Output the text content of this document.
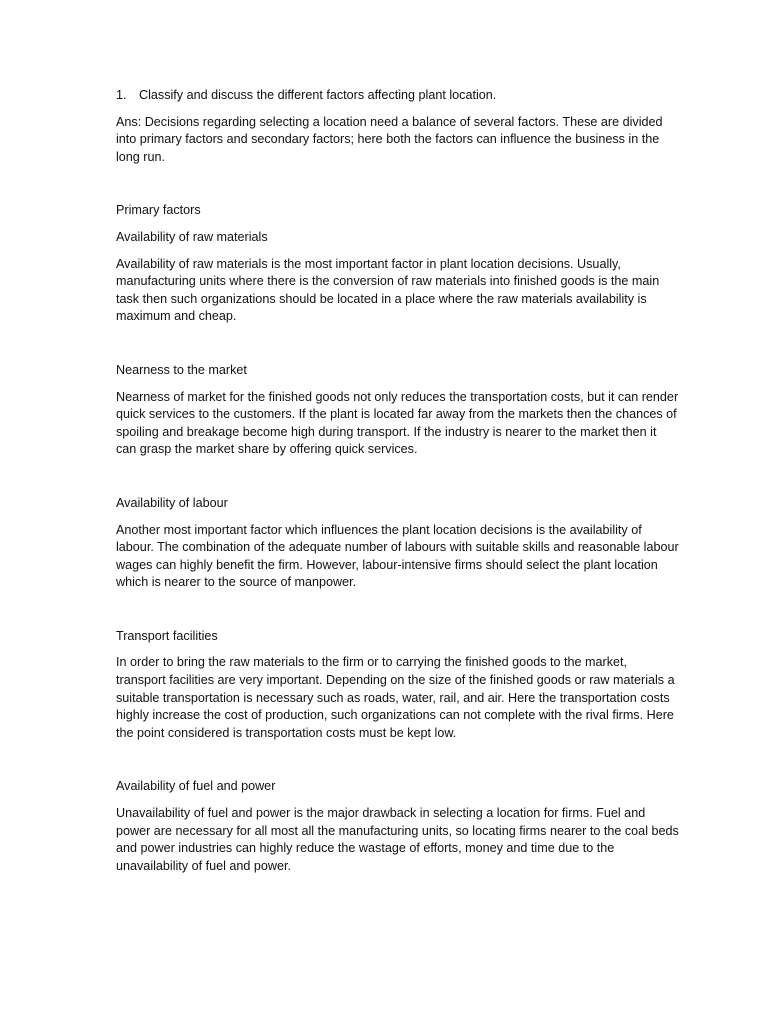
1. Classify and discuss the different factors affecting plant location.

Ans: Decisions regarding selecting a location need a balance of several factors. These are divided into primary factors and secondary factors; here both the factors can influence the business in the long run.

Primary factors

Availability of raw materials

Availability of raw materials is the most important factor in plant location decisions. Usually, manufacturing units where there is the conversion of raw materials into finished goods is the main task then such organizations should be located in a place where the raw materials availability is maximum and cheap.

Nearness to the market

Nearness of market for the finished goods not only reduces the transportation costs, but it can render quick services to the customers. If the plant is located far away from the markets then the chances of spoiling and breakage become high during transport. If the industry is nearer to the market then it can grasp the market share by offering quick services.

Availability of labour

Another most important factor which influences the plant location decisions is the availability of labour. The combination of the adequate number of labours with suitable skills and reasonable labour wages can highly benefit the firm. However, labour-intensive firms should select the plant location which is nearer to the source of manpower.

Transport facilities

In order to bring the raw materials to the firm or to carrying the finished goods to the market, transport facilities are very important. Depending on the size of the finished goods or raw materials a suitable transportation is necessary such as roads, water, rail, and air. Here the transportation costs highly increase the cost of production, such organizations can not complete with the rival firms. Here the point considered is transportation costs must be kept low.

Availability of fuel and power

Unavailability of fuel and power is the major drawback in selecting a location for firms. Fuel and power are necessary for all most all the manufacturing units, so locating firms nearer to the coal beds and power industries can highly reduce the wastage of efforts, money and time due to the unavailability of fuel and power.
